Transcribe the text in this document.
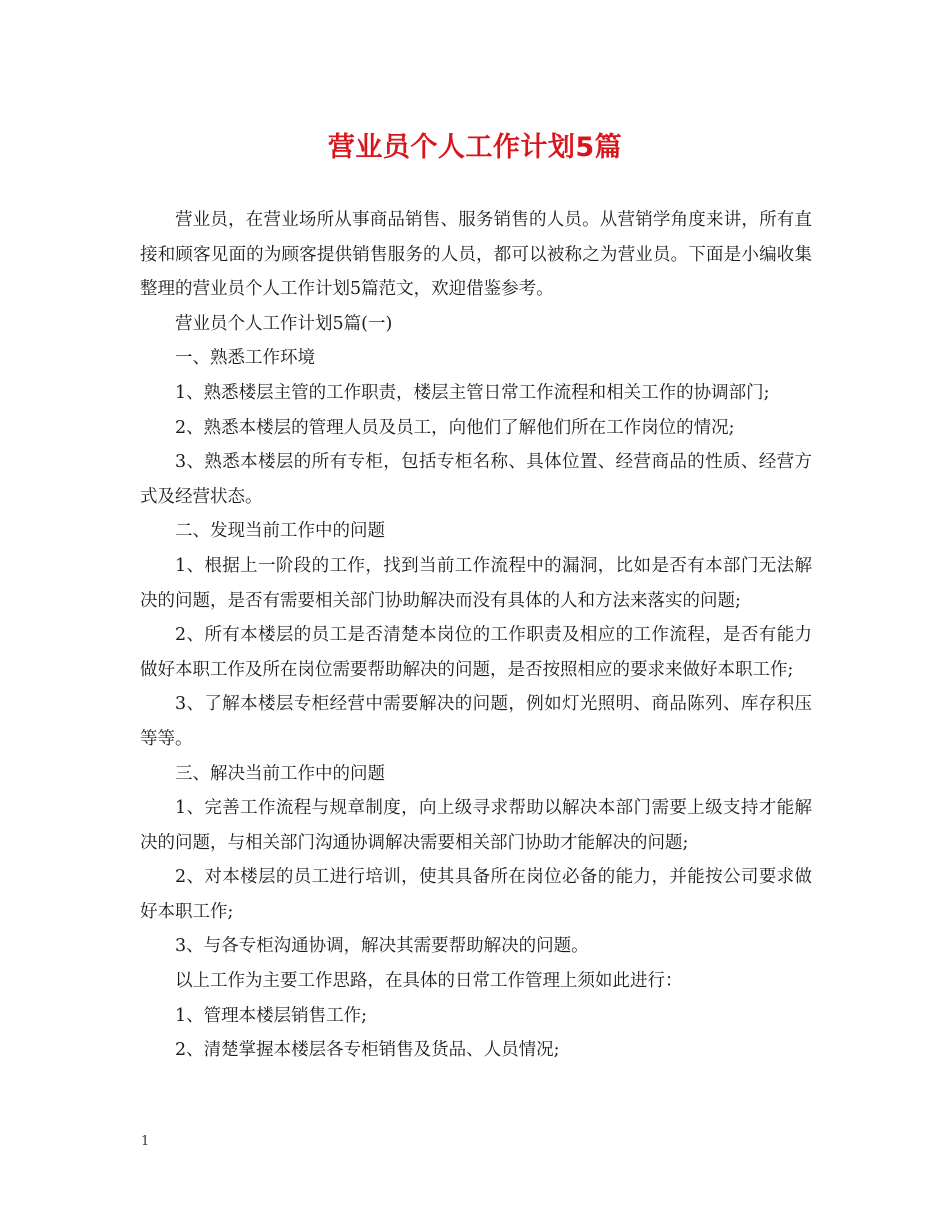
营业员个人工作计划5篇

营业员，在营业场所从事商品销售、服务销售的人员。从营销学角度来讲，所有直接和顾客见面的为顾客提供销售服务的人员，都可以被称之为营业员。下面是小编收集整理的营业员个人工作计划5篇范文，欢迎借鉴参考。

营业员个人工作计划5篇(一)

一、熟悉工作环境

1、熟悉楼层主管的工作职责，楼层主管日常工作流程和相关工作的协调部门;

2、熟悉本楼层的管理人员及员工，向他们了解他们所在工作岗位的情况;

3、熟悉本楼层的所有专柜，包括专柜名称、具体位置、经营商品的性质、经营方式及经营状态。

二、发现当前工作中的问题

1、根据上一阶段的工作，找到当前工作流程中的漏洞，比如是否有本部门无法解决的问题，是否有需要相关部门协助解决而没有具体的人和方法来落实的问题;

2、所有本楼层的员工是否清楚本岗位的工作职责及相应的工作流程，是否有能力做好本职工作及所在岗位需要帮助解决的问题，是否按照相应的要求来做好本职工作;

3、了解本楼层专柜经营中需要解决的问题，例如灯光照明、商品陈列、库存积压等等。

三、解决当前工作中的问题

1、完善工作流程与规章制度，向上级寻求帮助以解决本部门需要上级支持才能解决的问题，与相关部门沟通协调解决需要相关部门协助才能解决的问题;

2、对本楼层的员工进行培训，使其具备所在岗位必备的能力，并能按公司要求做好本职工作;

3、与各专柜沟通协调，解决其需要帮助解决的问题。

以上工作为主要工作思路，在具体的日常工作管理上须如此进行：

1、管理本楼层销售工作;

2、清楚掌握本楼层各专柜销售及货品、人员情况;

1
